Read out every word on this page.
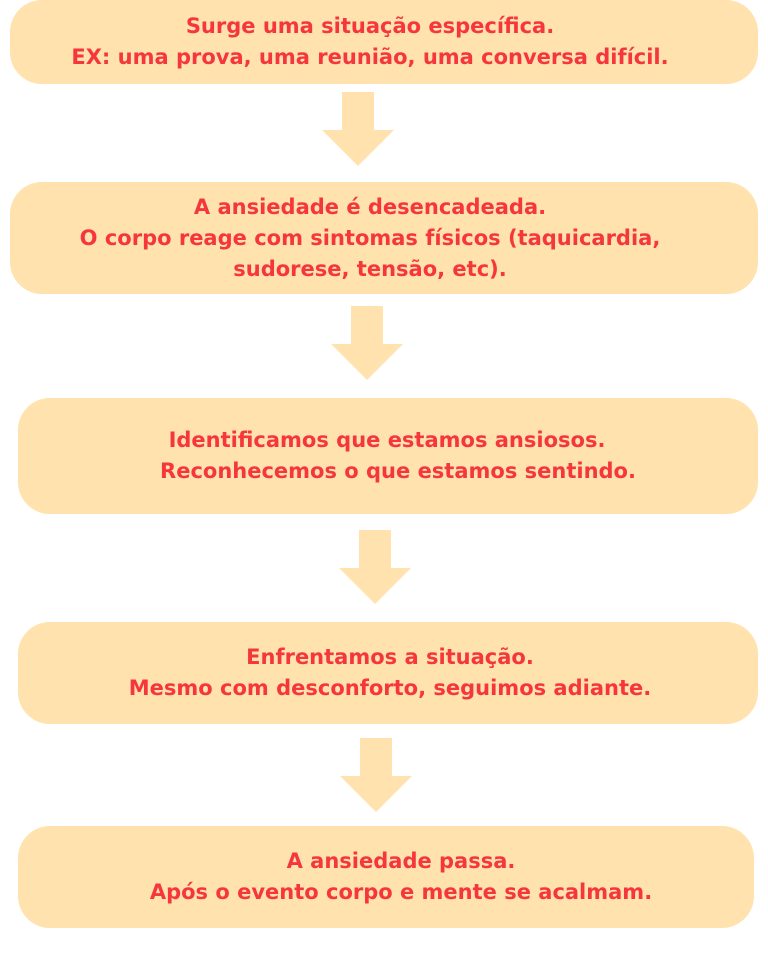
Surge uma situação específica.
EX: uma prova, uma reunião, uma conversa difícil.
A ansiedade é desencadeada.
O corpo reage com sintomas físicos (taquicardia,
sudorese, tensão, etc).
Identificamos que estamos ansiosos.
Reconhecemos o que estamos sentindo.
Enfrentamos a situação.
Mesmo com desconforto, seguimos adiante.
A ansiedade passa.
Após o evento corpo e mente se acalmam.
